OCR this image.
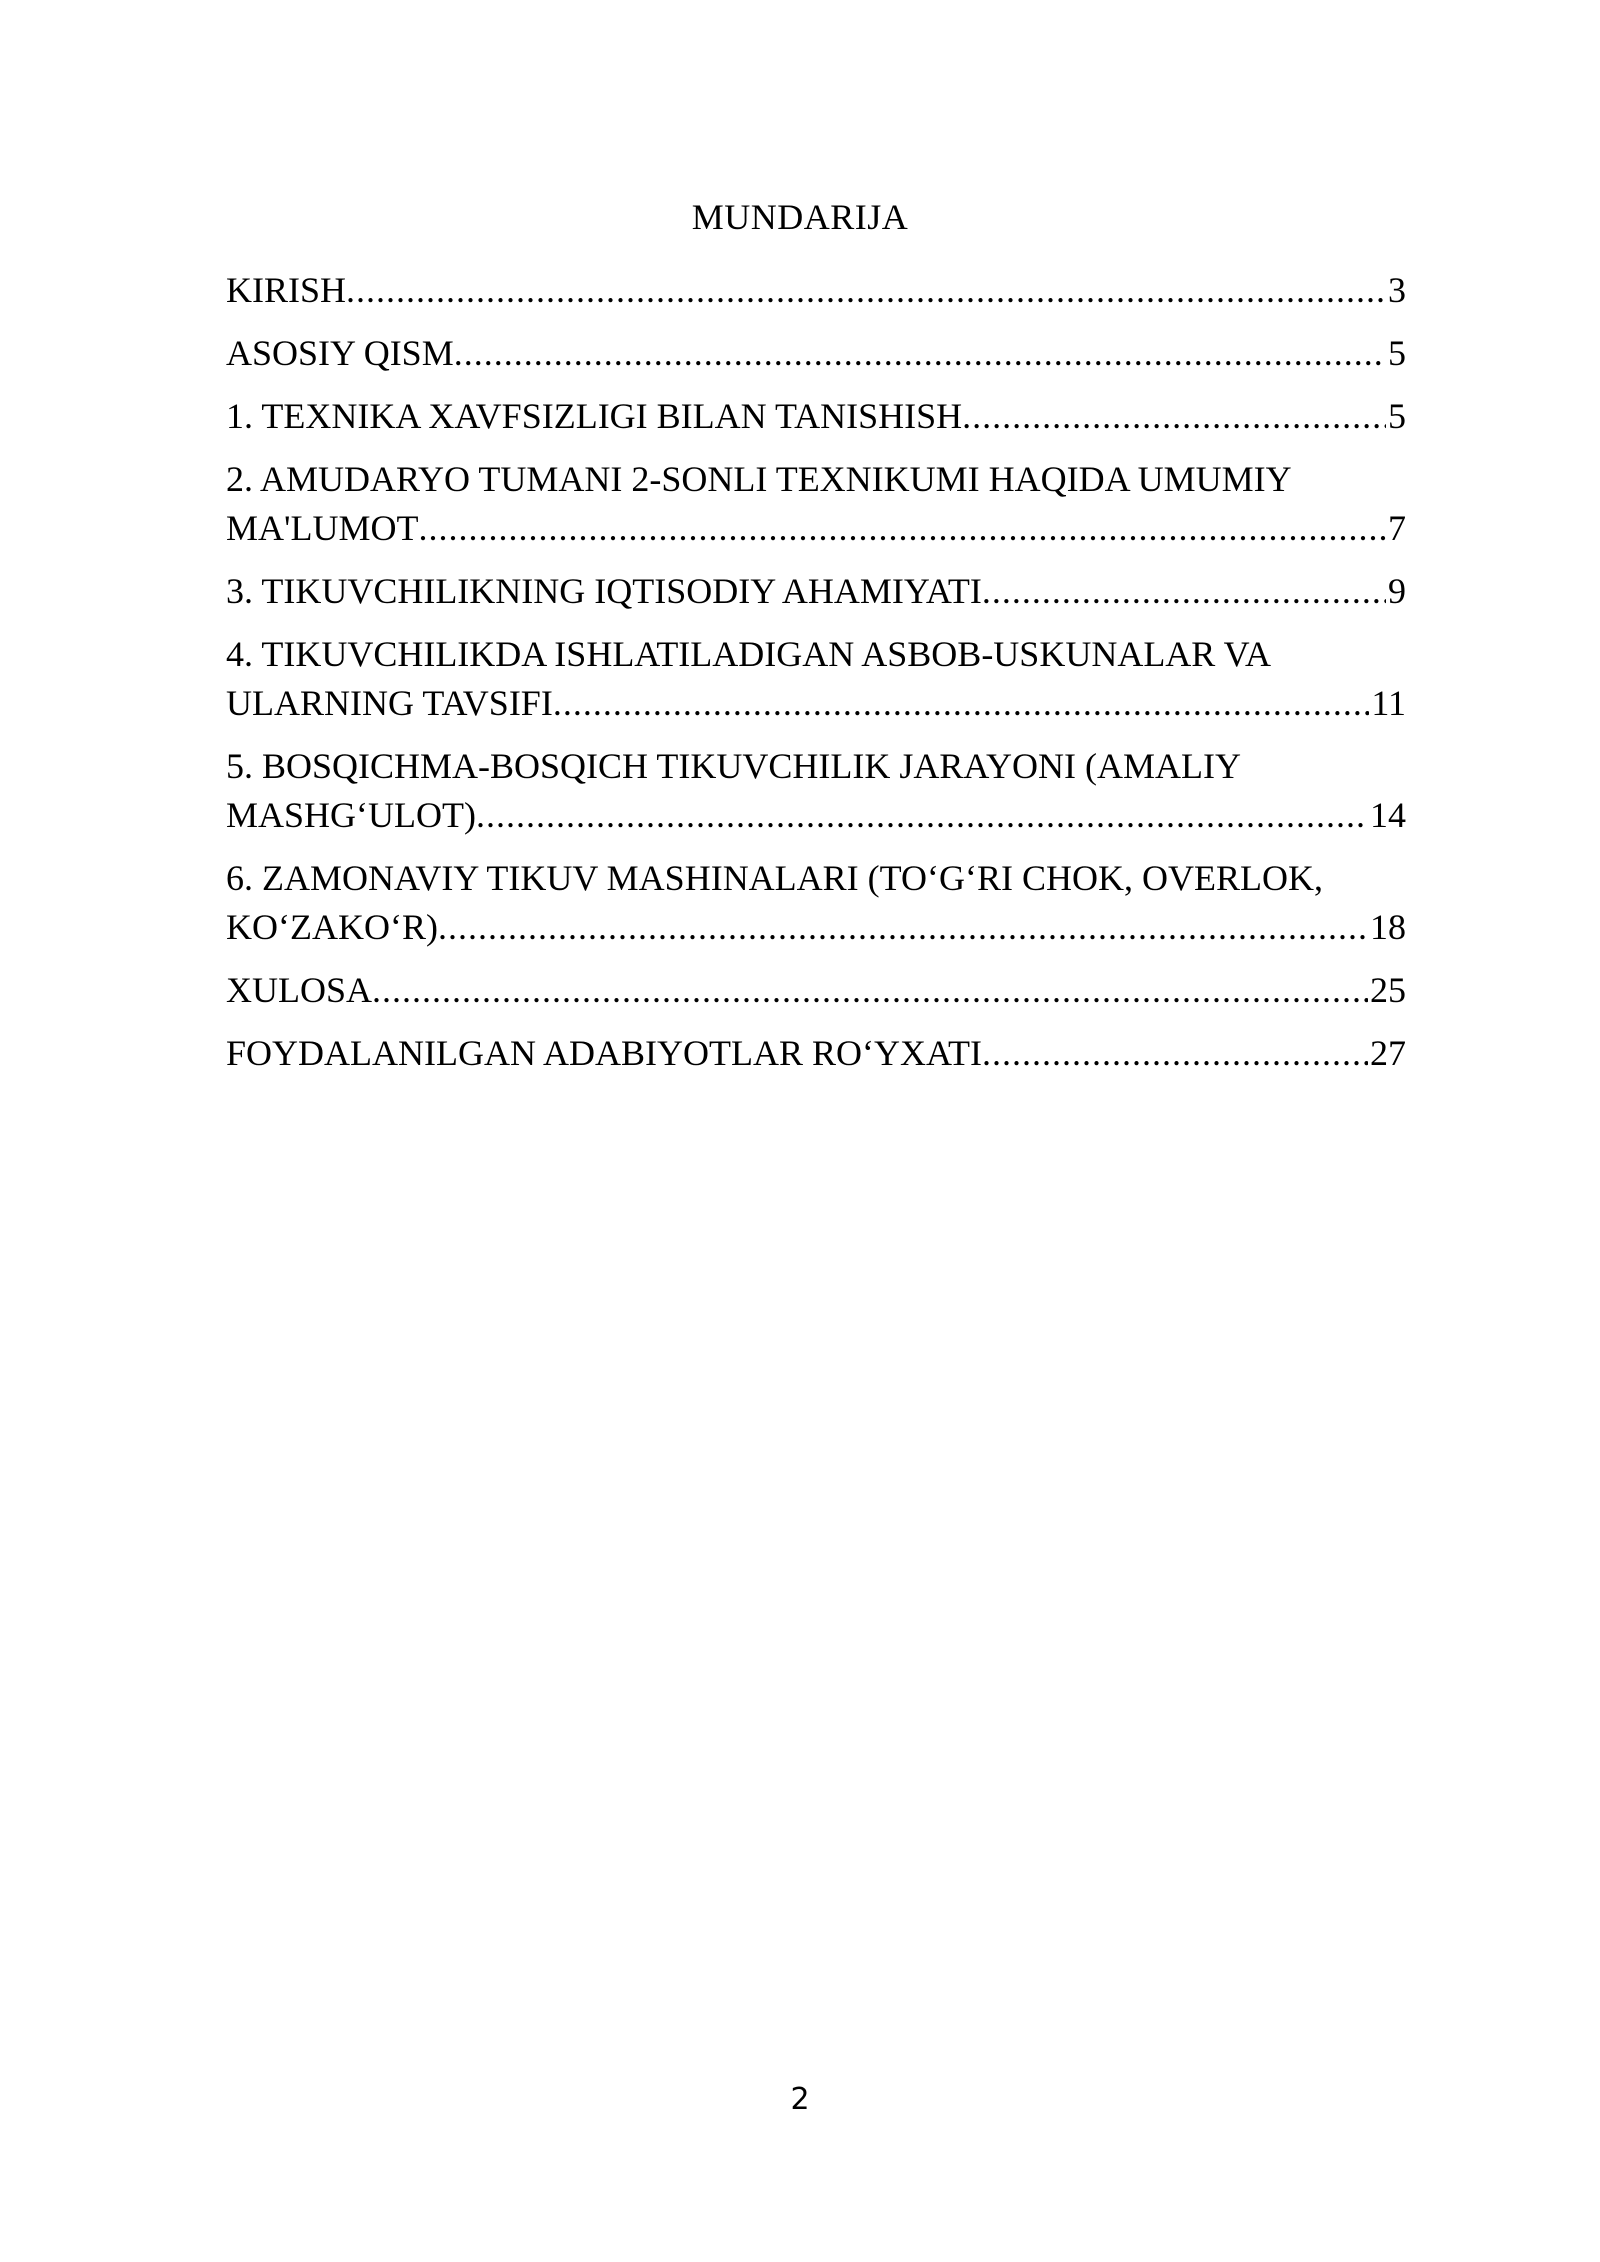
MUNDARIJA
KIRISH .....	3
ASOSIY QISM .....	5
1. TEXNIKA XAVFSIZLIGI BILAN TANISHISH .....	5
2. AMUDARYO TUMANI 2-SONLI TEXNIKUMI HAQIDA UMUMIY
MA'LUMOT .....	7
3. TIKUVCHILIKNING IQTISODIY AHAMIYATI .....	9
4. TIKUVCHILIKDA ISHLATILADIGAN ASBOB-USKUNALAR VA
ULARNING TAVSIFI .....	11
5. BOSQICHMA-BOSQICH TIKUVCHILIK JARAYONI (AMALIY
MASHG‘ULOT) .....	14
6. ZAMONAVIY TIKUV MASHINALARI (TO‘G‘RI CHOK, OVERLOK,
KO‘ZAKO‘R) .....	18
XULOSA .....	25
FOYDALANILGAN ADABIYOTLAR RO‘YXATI .....	27
2
